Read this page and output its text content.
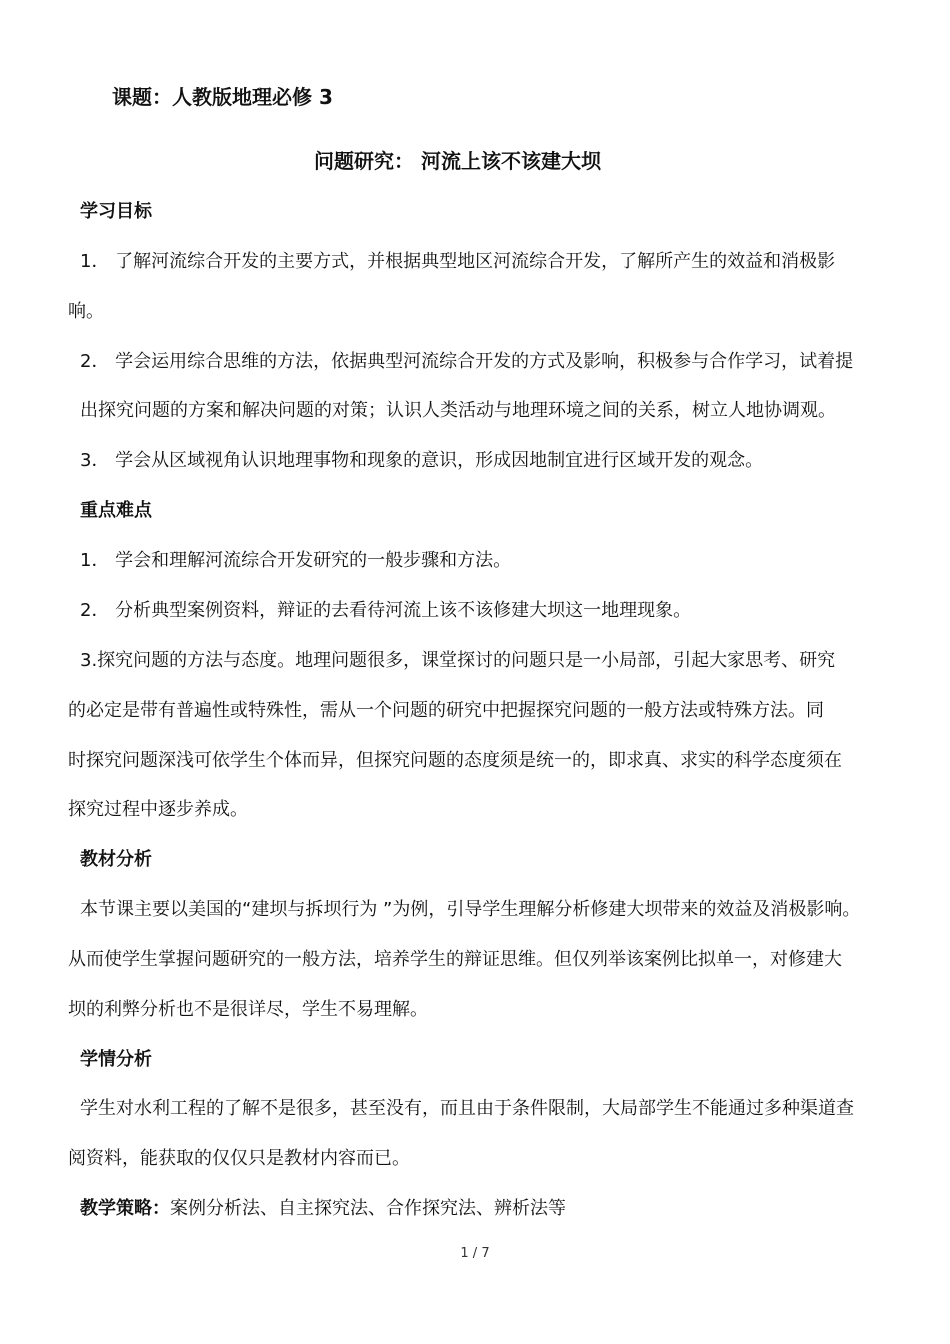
课题：人教版地理必修 3
问题研究： 河流上该不该建大坝
学习目标
1． 了解河流综合开发的主要方式，并根据典型地区河流综合开发，了解所产生的效益和消极影
响。
2． 学会运用综合思维的方法，依据典型河流综合开发的方式及影响，积极参与合作学习，试着提
出探究问题的方案和解决问题的对策；认识人类活动与地理环境之间的关系，树立人地协调观。
3． 学会从区域视角认识地理事物和现象的意识，形成因地制宜进行区域开发的观念。
重点难点
1． 学会和理解河流综合开发研究的一般步骤和方法。
2． 分析典型案例资料，辩证的去看待河流上该不该修建大坝这一地理现象。
3.探究问题的方法与态度。地理问题很多，课堂探讨的问题只是一小局部，引起大家思考、研究
的必定是带有普遍性或特殊性，需从一个问题的研究中把握探究问题的一般方法或特殊方法。同
时探究问题深浅可依学生个体而异，但探究问题的态度须是统一的，即求真、求实的科学态度须在
探究过程中逐步养成。
教材分析
本节课主要以美国的“建坝与拆坝行为 ”为例，引导学生理解分析修建大坝带来的效益及消极影响。
从而使学生掌握问题研究的一般方法，培养学生的辩证思维。但仅列举该案例比拟单一，对修建大
坝的利弊分析也不是很详尽，学生不易理解。
学情分析
学生对水利工程的了解不是很多，甚至没有，而且由于条件限制，大局部学生不能通过多种渠道查
阅资料，能获取的仅仅只是教材内容而已。
教学策略：案例分析法、自主探究法、合作探究法、辨析法等
1 / 7
